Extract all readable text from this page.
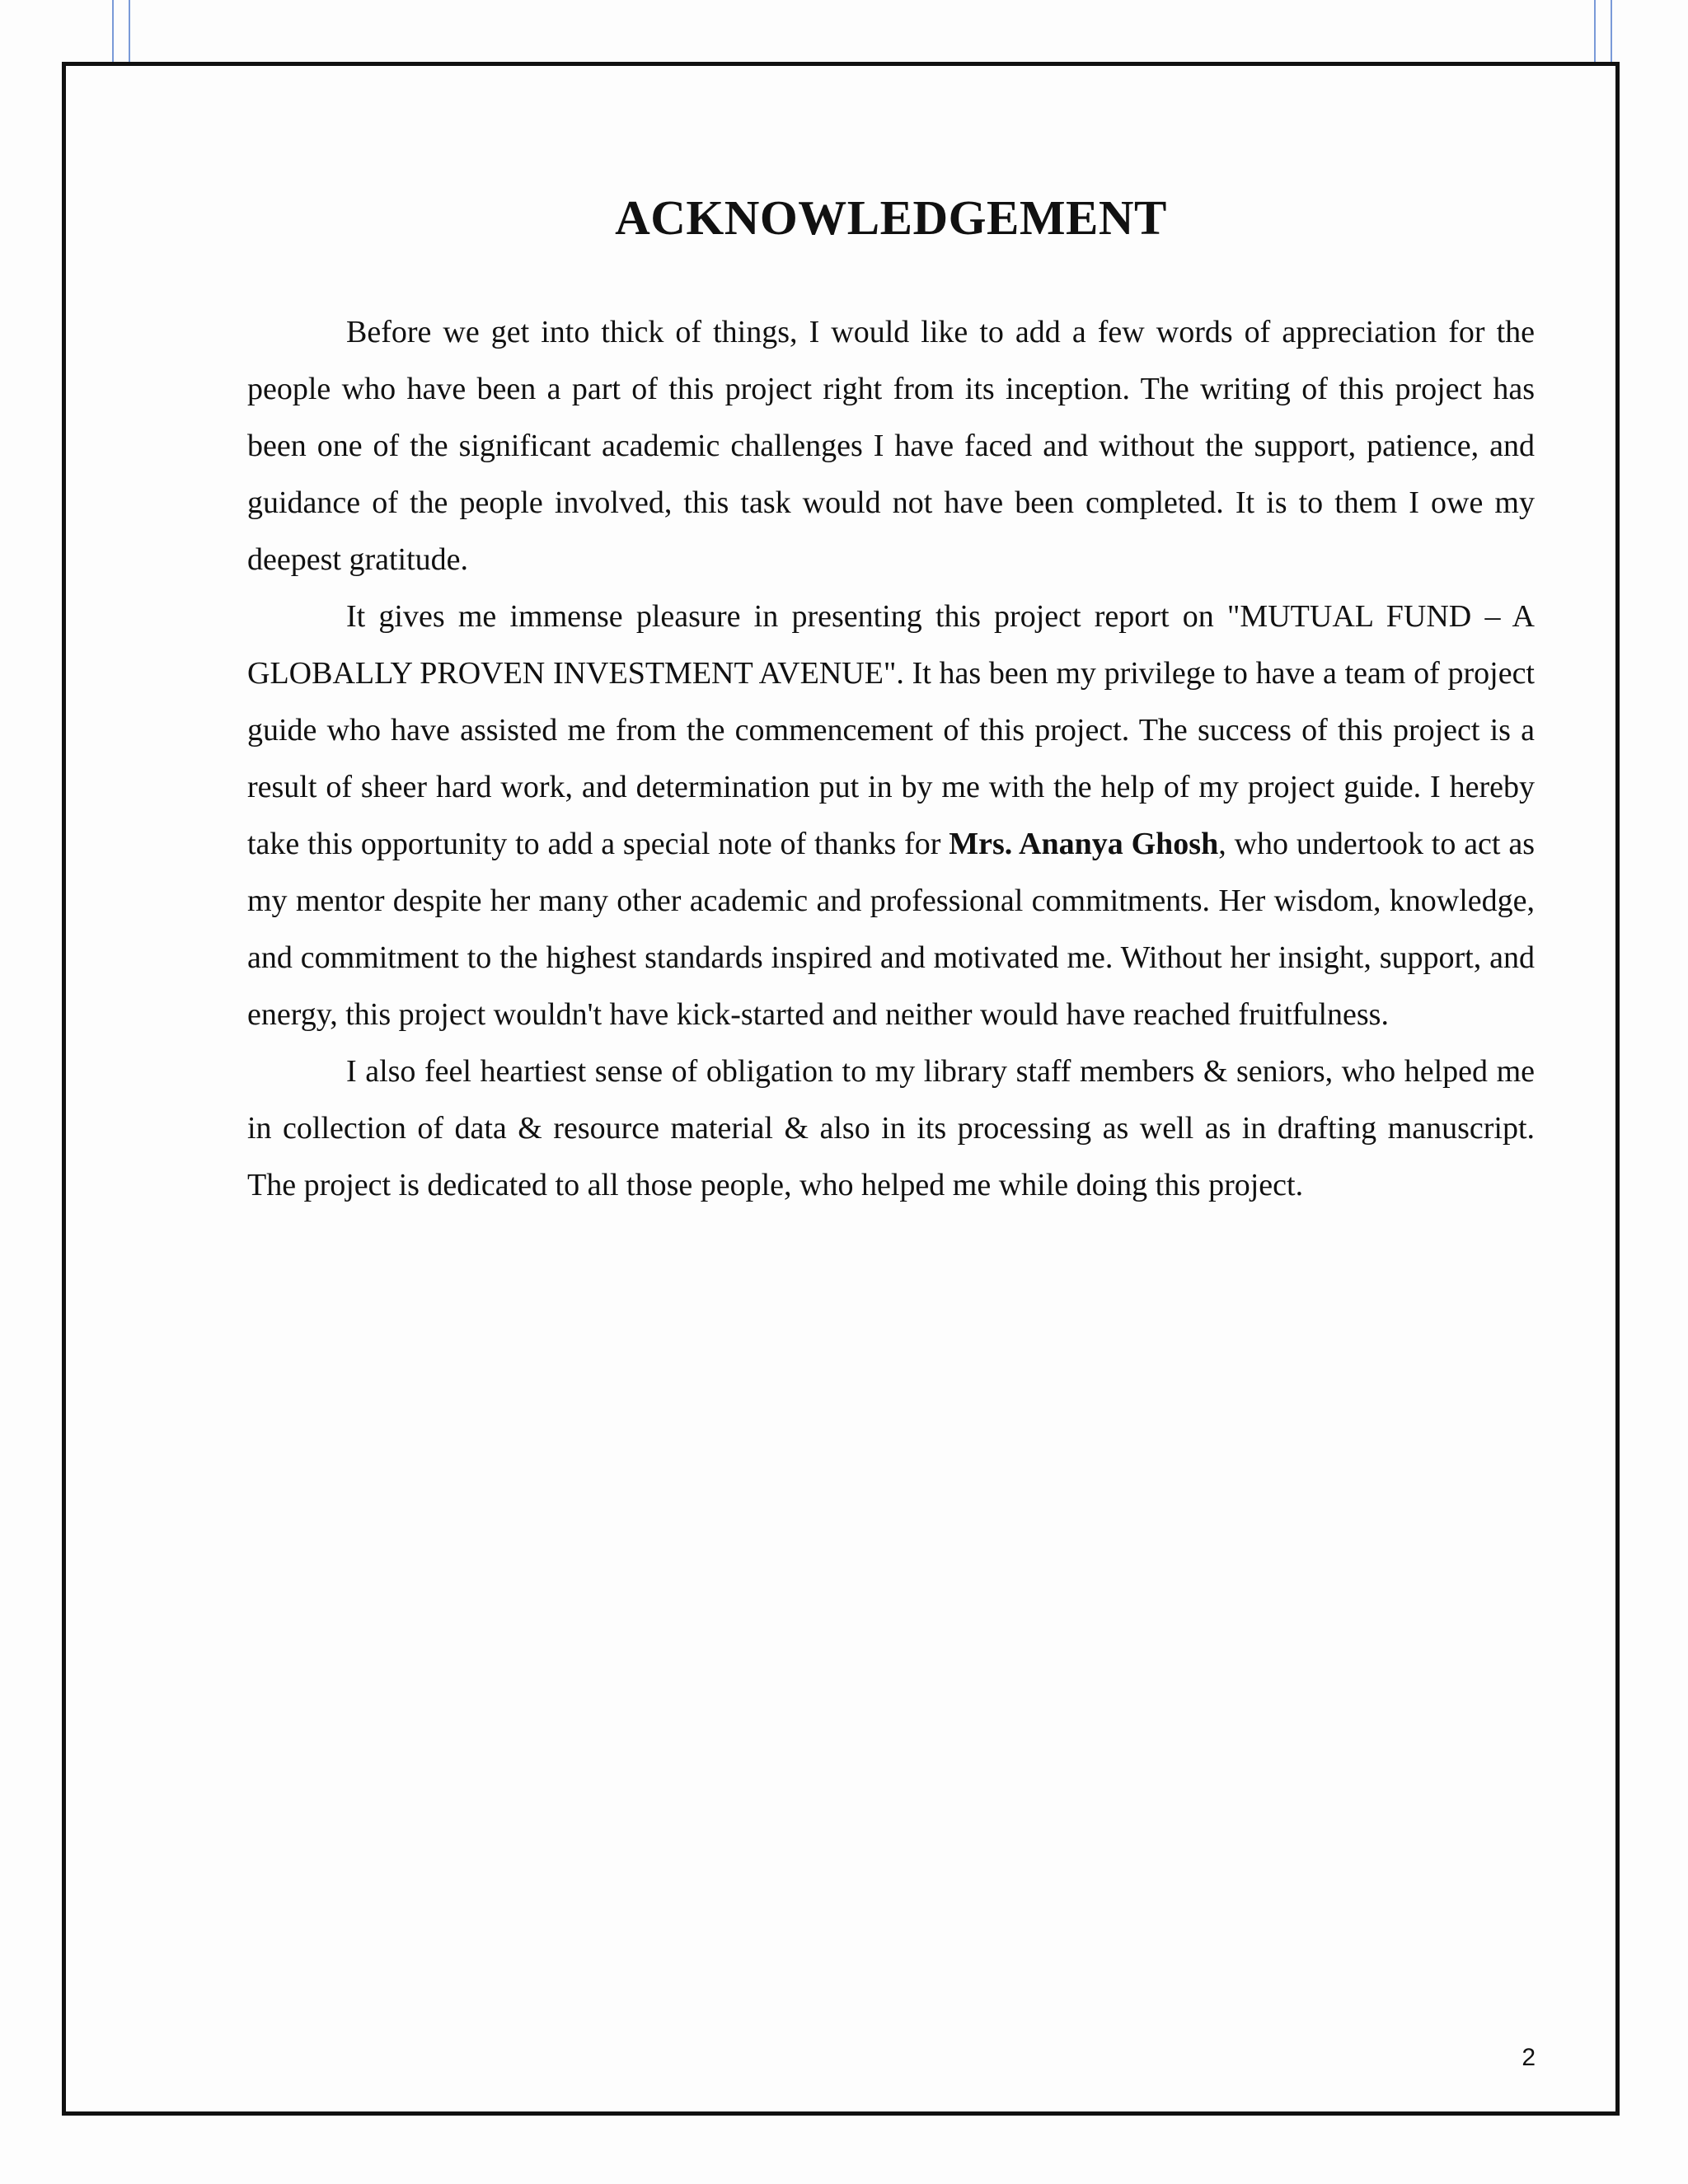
ACKNOWLEDGEMENT

Before we get into thick of things, I would like to add a few words of appreciation for the people who have been a part of this project right from its inception. The writing of this project has been one of the significant academic challenges I have faced and without the support, patience, and guidance of the people involved, this task would not have been completed. It is to them I owe my deepest gratitude.

It gives me immense pleasure in presenting this project report on "MUTUAL FUND – A GLOBALLY PROVEN INVESTMENT AVENUE". It has been my privilege to have a team of project guide who have assisted me from the commencement of this project. The success of this project is a result of sheer hard work, and determination put in by me with the help of my project guide. I hereby take this opportunity to add a special note of thanks for Mrs. Ananya Ghosh, who undertook to act as my mentor despite her many other academic and professional commitments. Her wisdom, knowledge, and commitment to the highest standards inspired and motivated me. Without her insight, support, and energy, this project wouldn't have kick-started and neither would have reached fruitfulness.

I also feel heartiest sense of obligation to my library staff members & seniors, who helped me in collection of data & resource material & also in its processing as well as in drafting manuscript. The project is dedicated to all those people, who helped me while doing this project.

2
